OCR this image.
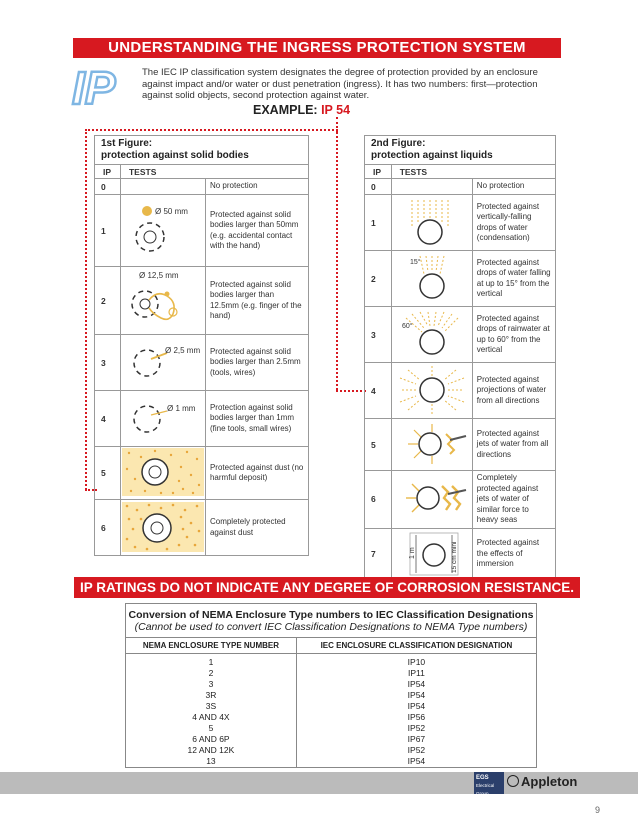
UNDERSTANDING THE INGRESS PROTECTION SYSTEM
IP	The IEC IP classification system designates the degree of protection provided by an enclosure against impact and/or water or dust penetration (ingress). It has two numbers: first—protection against solid objects, second protection against water.
EXAMPLE: IP 54
1st Figure:
protection against solid bodies		

IP	TESTS	
0		No protection
1	Ø 50 mm	Protected against solid bodies larger than 50mm (e.g. accidental contact with the hand)
2	Ø 12,5 mm	Protected against solid bodies larger than 12.5mm (e.g. finger of the hand)
3	Ø 2,5 mm	Protected against solid bodies larger than 2.5mm (tools, wires)
4	Ø 1 mm	Protection against solid bodies larger than 1mm (fine tools, small wires)
5		Protected against dust (no harmful deposit)
6		Completely protected against dust
2nd Figure:
protection against liquids		

IP	TESTS	
0		No protection
1		Protected against vertically-falling drops of water (condensation)
2	15°	Protected against drops of water falling at up to 15° from the vertical
3	60°	Protected against drops of rainwater at up to 60° from the vertical
4		Protected against projections of water from all directions
5		Protected against jets of water from all directions
6		Completely protected against jets of water of similar force to heavy seas
7	1 m 15 cm mini	Protected against the effects of immersion
IP RATINGS DO NOT INDICATE ANY DEGREE OF CORROSION RESISTANCE.
Conversion of NEMA Enclosure Type numbers to IEC Classification Designations
(Cannot be used to convert IEC Classification Designations to NEMA Type numbers)
NEMA ENCLOSURE TYPE NUMBER	IEC ENCLOSURE CLASSIFICATION DESIGNATION
1	IP10
2	IP11
3	IP54
3R	IP54
3S	IP54
4 AND 4X	IP56
5	IP52
6 AND 6P	IP67
12 AND 12K	IP52
13	IP54
EGS
Electrical Group
Appleton
9
